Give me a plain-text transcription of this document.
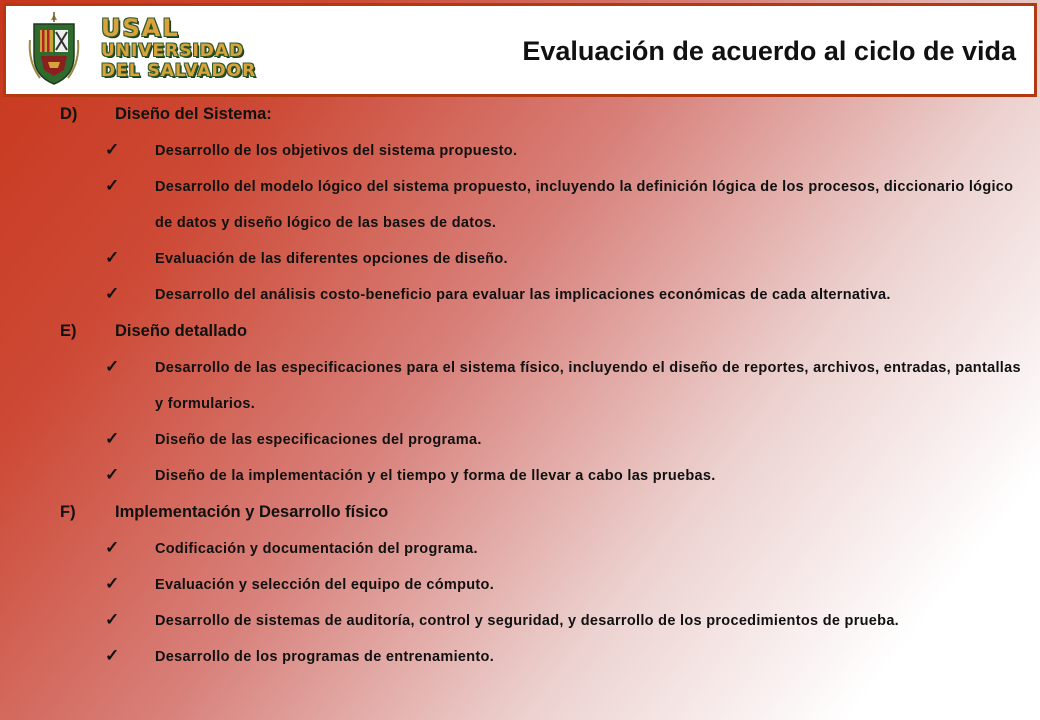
USAL
UNIVERSIDAD
DEL SALVADOR
Evaluación de acuerdo al ciclo de vida
D)	Diseño del Sistema:
✓ Desarrollo de los objetivos del sistema propuesto.
✓ Desarrollo del modelo lógico del sistema propuesto, incluyendo la definición lógica de los procesos, diccionario lógico de datos y diseño lógico de las bases de datos.
✓ Evaluación de las diferentes opciones de diseño.
✓ Desarrollo del análisis costo-beneficio para evaluar las implicaciones económicas de cada alternativa.
E)	Diseño detallado
✓ Desarrollo de las especificaciones para el sistema físico, incluyendo el diseño de reportes, archivos, entradas, pantallas y formularios.
✓ Diseño de las especificaciones del programa.
✓ Diseño de la implementación y el tiempo y forma de llevar a cabo las pruebas.
F)	Implementación y Desarrollo físico
✓ Codificación y documentación del programa.
✓ Evaluación y selección del equipo de cómputo.
✓ Desarrollo de sistemas de auditoría, control y seguridad, y desarrollo de los procedimientos de prueba.
✓ Desarrollo de los programas de entrenamiento.
